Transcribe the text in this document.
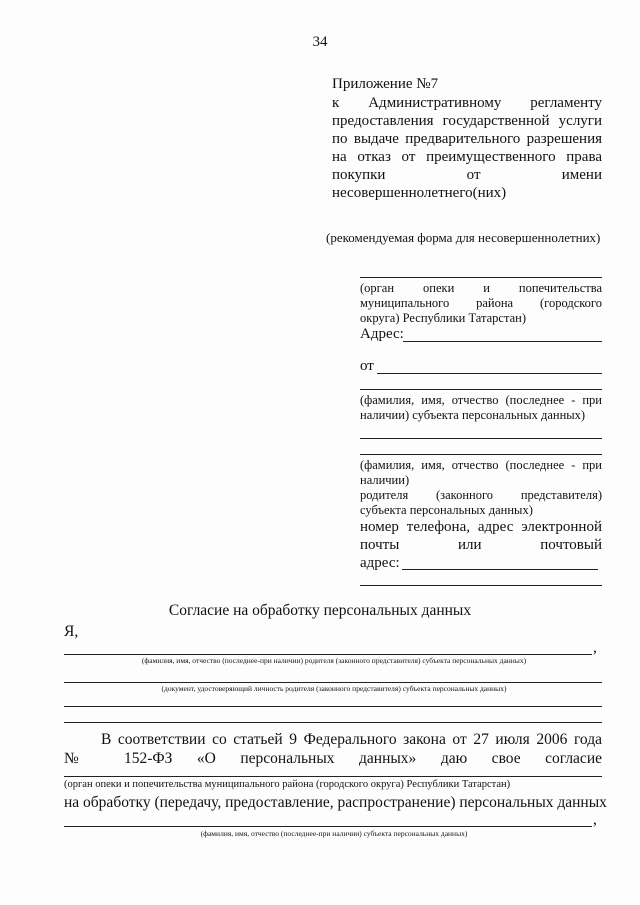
34
Приложение №7
к Административному регламенту
предоставления государственной услуги
по выдаче предварительного разрешения
на отказ от преимущественного права
покупки от имени
несовершеннолетнего(них)
(рекомендуемая форма для несовершеннолетних)
(орган опеки и попечительства
муниципального района (городского
округа) Республики Татарстан)
Адрес:
от
(фамилия, имя, отчество (последнее - при
наличии) субъекта персональных данных)
(фамилия, имя, отчество (последнее - при
наличии)
родителя (законного представителя)
субъекта персональных данных)
номер телефона, адрес электронной
почты или почтовый
адрес:
Согласие на обработку персональных данных
Я,
,
(фамилия, имя, отчество (последнее-при наличии) родителя (законного представителя) субъекта персональных данных)
(документ, удостоверяющий личность родителя (законного представителя) субъекта персональных данных)
В соответствии со статьей 9 Федерального закона от 27 июля 2006 года
№ 152-ФЗ «О персональных данных» даю свое согласие
(орган опеки и попечительства муниципального района (городского округа) Республики Татарстан)
на обработку (передачу, предоставление, распространение) персональных данных
,
(фамилия, имя, отчество (последнее-при наличии) субъекта персональных данных)
